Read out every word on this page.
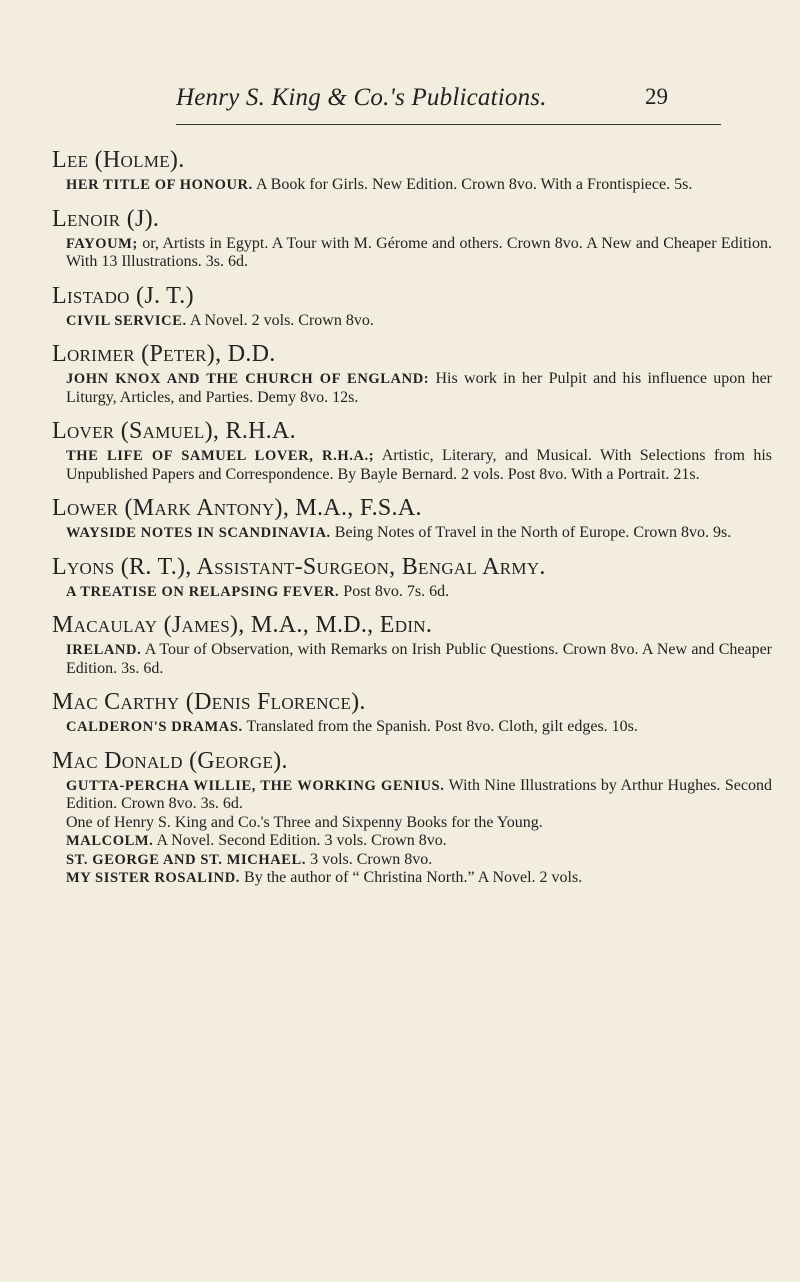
Henry S. King & Co.'s Publications.	29
Lee (Holme).
HER TITLE OF HONOUR. A Book for Girls. New Edition. Crown 8vo. With a Frontispiece. 5s.
Lenoir (J).
FAYOUM; or, Artists in Egypt. A Tour with M. Gérome and others. Crown 8vo. A New and Cheaper Edition. With 13 Illustrations. 3s. 6d.
Listado (J. T.)
CIVIL SERVICE. A Novel. 2 vols. Crown 8vo.
Lorimer (Peter), D.D.
JOHN KNOX AND THE CHURCH OF ENGLAND: His work in her Pulpit and his influence upon her Liturgy, Articles, and Parties. Demy 8vo. 12s.
Lover (Samuel), R.H.A.
THE LIFE OF SAMUEL LOVER, R.H.A.; Artistic, Literary, and Musical. With Selections from his Unpublished Papers and Correspondence. By Bayle Bernard. 2 vols. Post 8vo. With a Portrait. 21s.
Lower (Mark Antony), M.A., F.S.A.
WAYSIDE NOTES IN SCANDINAVIA. Being Notes of Travel in the North of Europe. Crown 8vo. 9s.
Lyons (R. T.), Assistant-Surgeon, Bengal Army.
A TREATISE ON RELAPSING FEVER. Post 8vo. 7s. 6d.
Macaulay (James), M.A., M.D., Edin.
IRELAND. A Tour of Observation, with Remarks on Irish Public Questions. Crown 8vo. A New and Cheaper Edition. 3s. 6d.
Mac Carthy (Denis Florence).
CALDERON'S DRAMAS. Translated from the Spanish. Post 8vo. Cloth, gilt edges. 10s.
Mac Donald (George).
GUTTA-PERCHA WILLIE, THE WORKING GENIUS. With Nine Illustrations by Arthur Hughes. Second Edition. Crown 8vo. 3s. 6d.
One of Henry S. King and Co.'s Three and Sixpenny Books for the Young.
MALCOLM. A Novel. Second Edition. 3 vols. Crown 8vo.
ST. GEORGE AND ST. MICHAEL. 3 vols. Crown 8vo.
MY SISTER ROSALIND. By the author of “ Christina North.” A Novel. 2 vols.
